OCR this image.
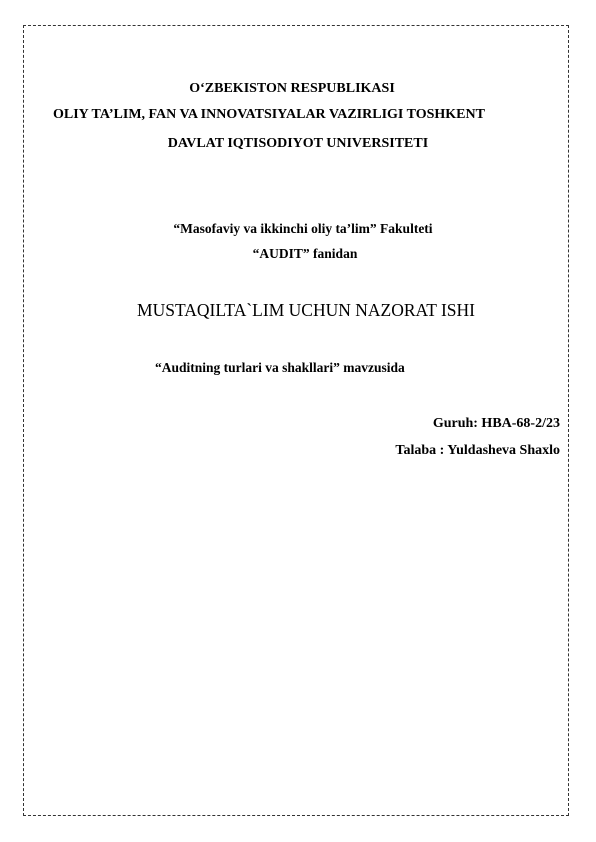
O‘ZBEKISTON RESPUBLIKASI
OLIY TA’LIM, FAN VA INNOVATSIYALAR VAZIRLIGI TOSHKENT
DAVLAT IQTISODIYOT UNIVERSITETI
“Masofaviy va ikkinchi oliy ta’lim” Fakulteti
“AUDIT” fanidan
MUSTAQILTA`LIM UCHUN NAZORAT ISHI
“Auditning turlari va shakllari” mavzusida
Guruh: HBA-68-2/23
Talaba : Yuldasheva Shaxlo
